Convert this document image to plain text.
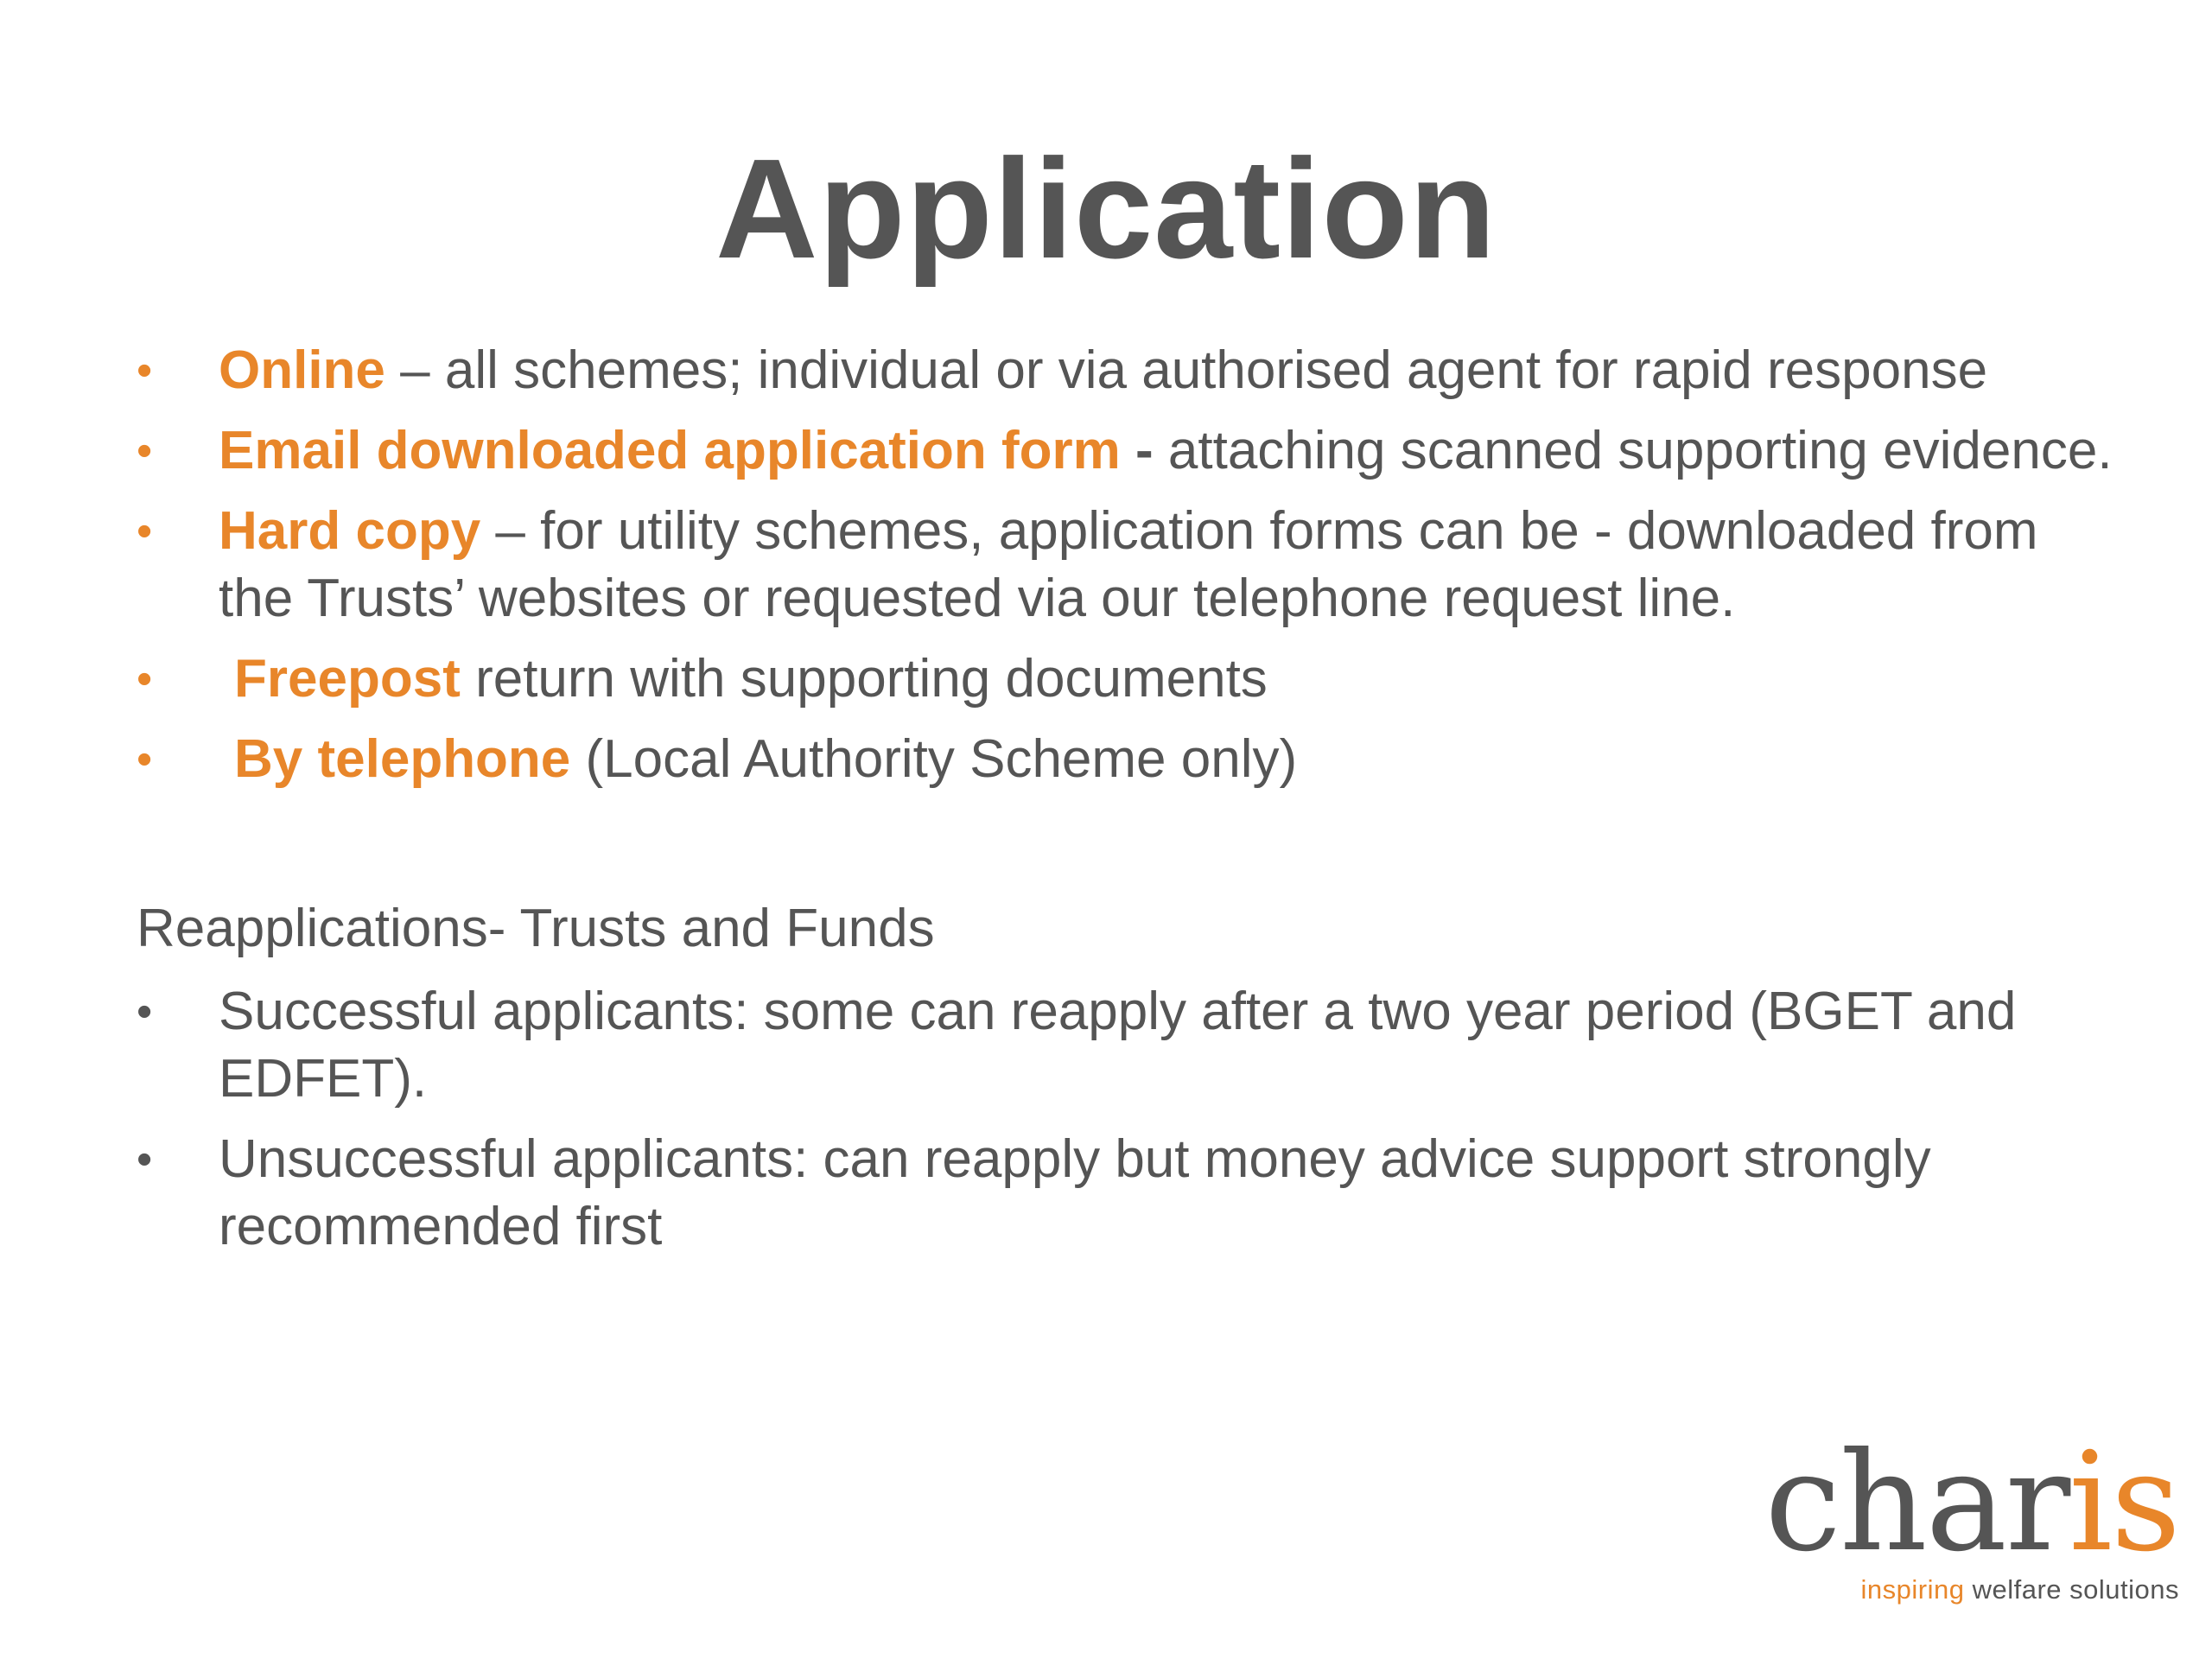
Application
• Online – all schemes; individual or via authorised agent for rapid response
• Email downloaded application form - attaching scanned supporting evidence.
• Hard copy – for utility schemes, application forms can be - downloaded from the Trusts’ websites or requested via our telephone request line.
• Freepost return with supporting documents
• By telephone (Local Authority Scheme only)
Reapplications- Trusts and Funds
• Successful applicants: some can reapply after a two year period (BGET and EDFET).
• Unsuccessful applicants: can reapply but money advice support strongly recommended first
charis
inspiring welfare solutions
